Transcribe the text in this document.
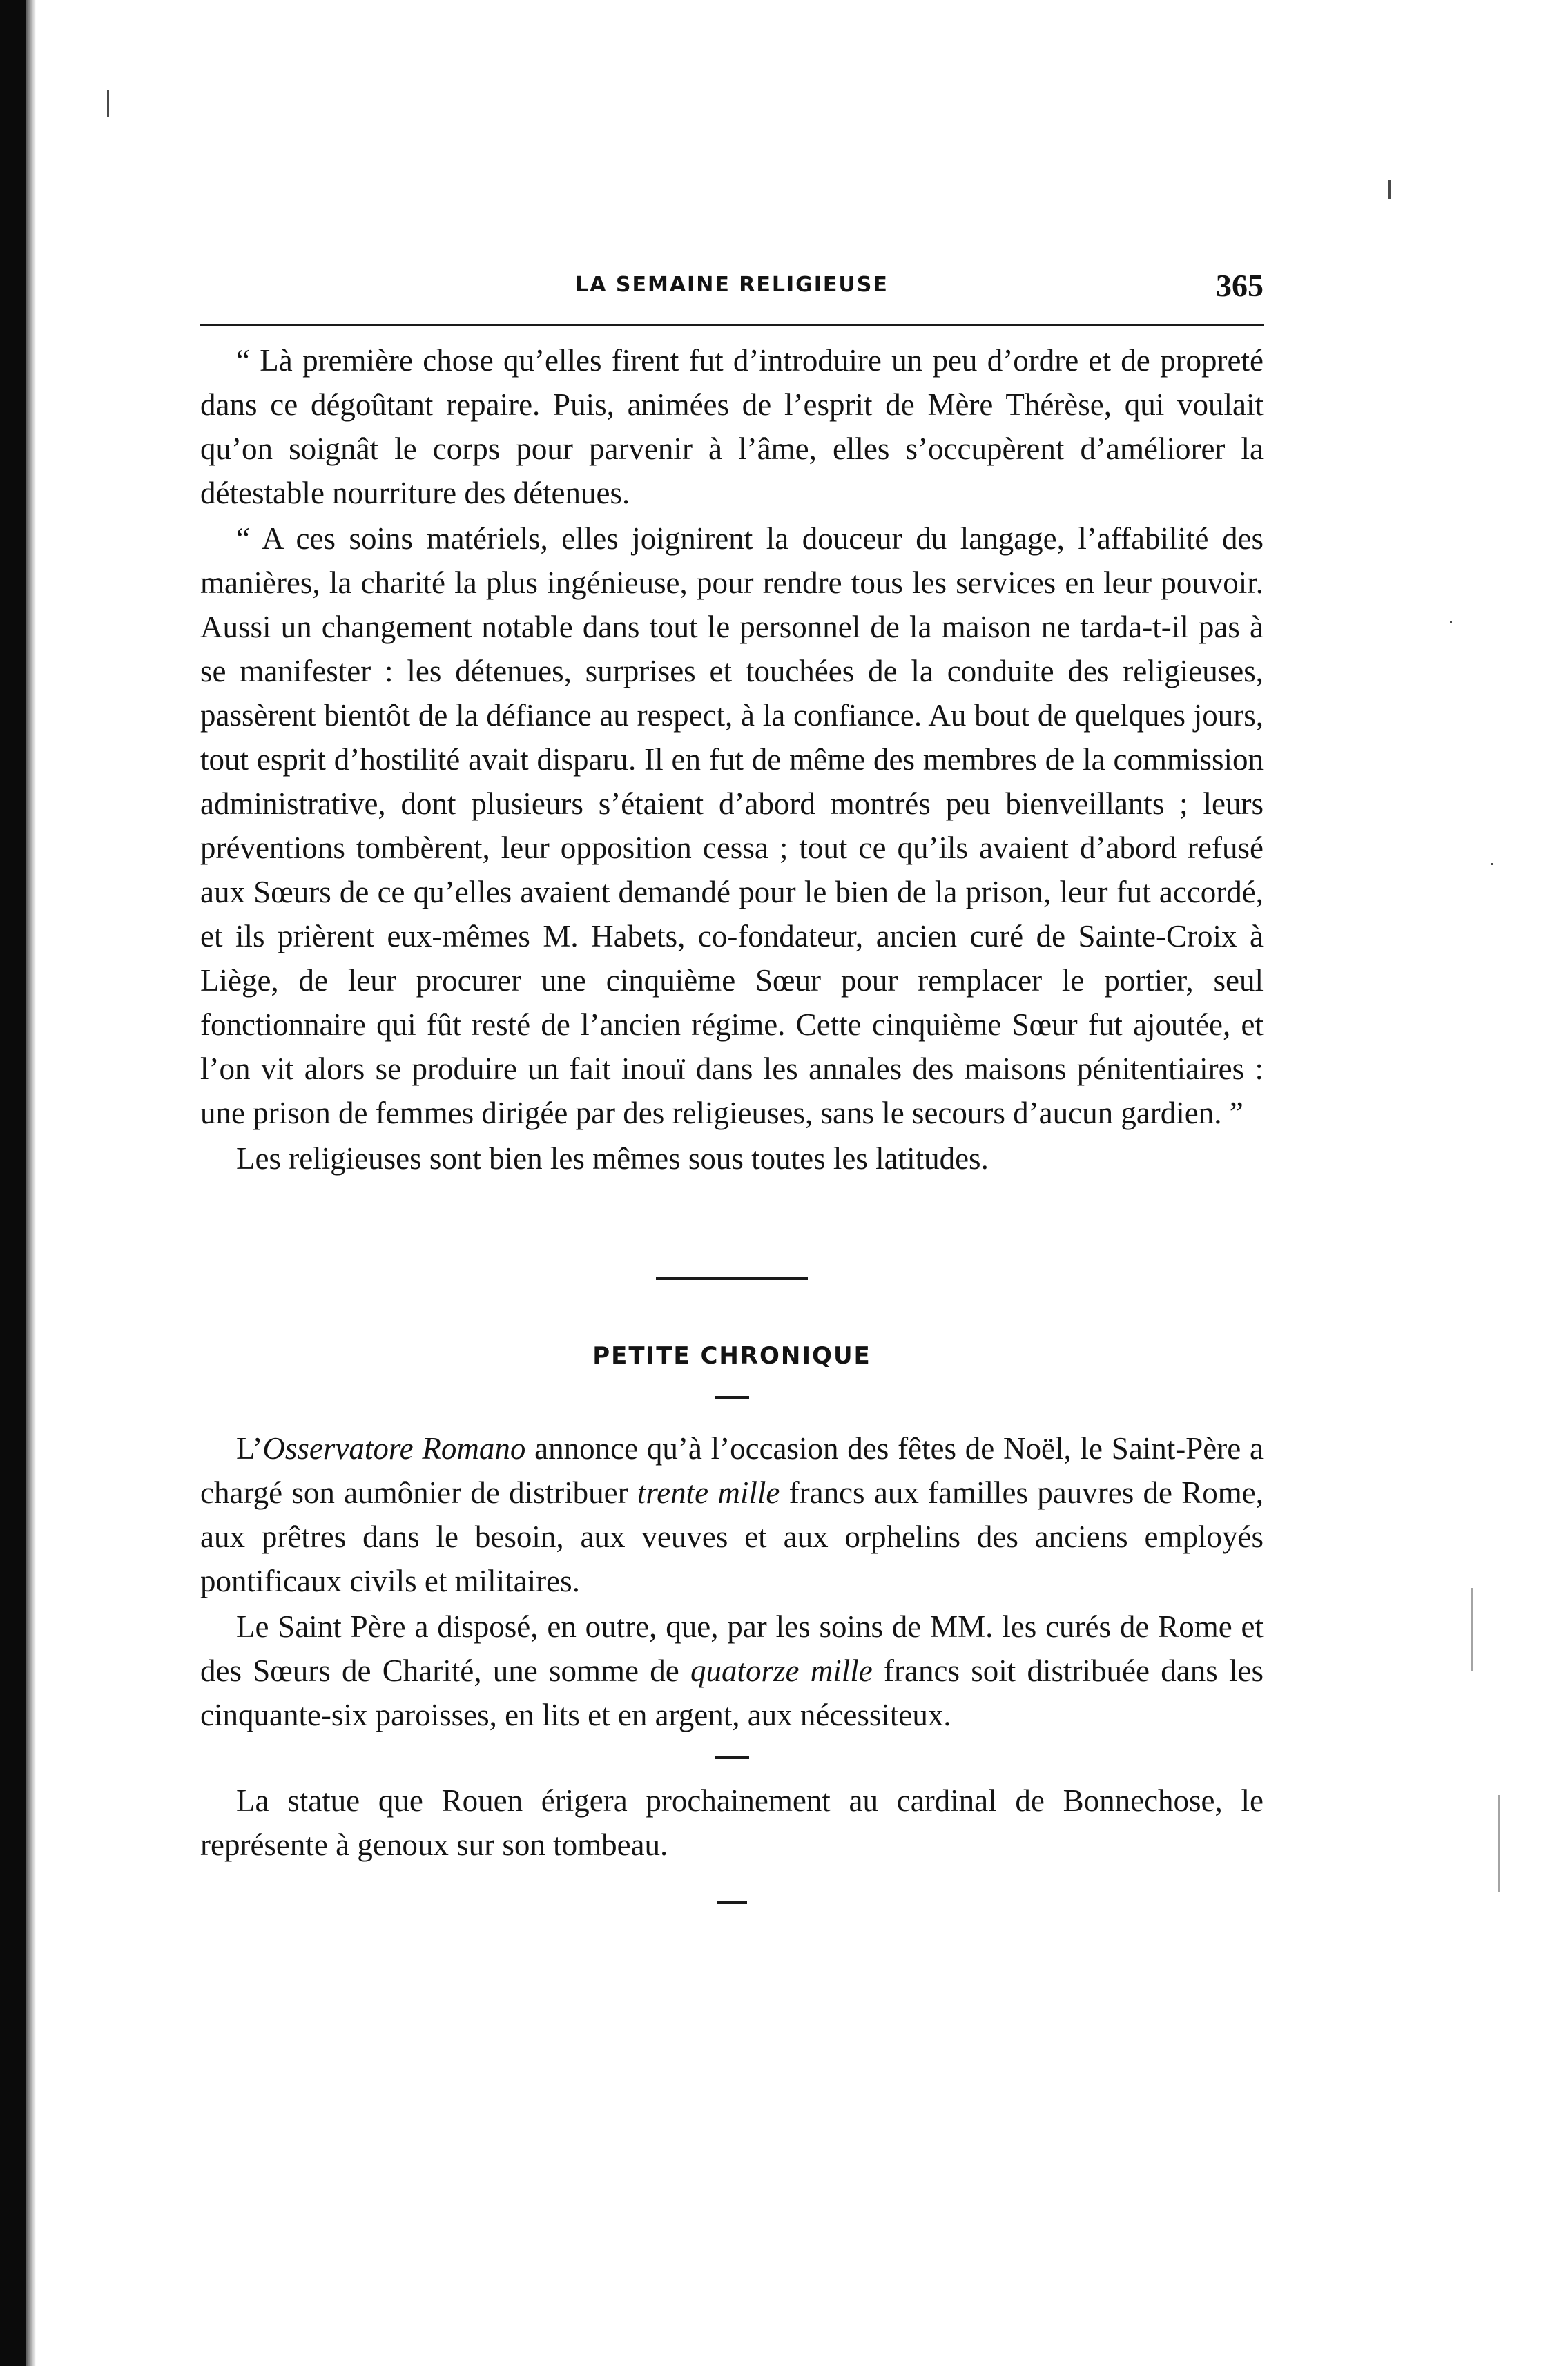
LA SEMAINE RELIGIEUSE	365

“ Là première chose qu’elles firent fut d’introduire un peu d’ordre et de propreté dans ce dégoûtant repaire. Puis, animées de l’esprit de Mère Thérèse, qui voulait qu’on soignât le corps pour parvenir à l’âme, elles s’occupèrent d’améliorer la détestable nourriture des détenues.

“ A ces soins matériels, elles joignirent la douceur du langage, l’affabilité des manières, la charité la plus ingénieuse, pour rendre tous les services en leur pouvoir. Aussi un changement notable dans tout le personnel de la maison ne tarda-t-il pas à se manifester : les détenues, surprises et touchées de la conduite des religieuses, passèrent bientôt de la défiance au respect, à la confiance. Au bout de quelques jours, tout esprit d’hostilité avait disparu. Il en fut de même des membres de la commission administrative, dont plusieurs s’étaient d’abord montrés peu bienveillants ; leurs préventions tombèrent, leur opposition cessa ; tout ce qu’ils avaient d’abord refusé aux Sœurs de ce qu’elles avaient demandé pour le bien de la prison, leur fut accordé, et ils prièrent eux-mêmes M. Habets, co-fondateur, ancien curé de Sainte-Croix à Liège, de leur procurer une cinquième Sœur pour remplacer le portier, seul fonctionnaire qui fût resté de l’ancien régime. Cette cinquième Sœur fut ajoutée, et l’on vit alors se produire un fait inouï dans les annales des maisons pénitentiaires : une prison de femmes dirigée par des religieuses, sans le secours d’aucun gardien. ”

Les religieuses sont bien les mêmes sous toutes les latitudes.

PETITE CHRONIQUE

L’Osservatore Romano annonce qu’à l’occasion des fêtes de Noël, le Saint-Père a chargé son aumônier de distribuer trente mille francs aux familles pauvres de Rome, aux prêtres dans le besoin, aux veuves et aux orphelins des anciens employés pontificaux civils et militaires.

Le Saint Père a disposé, en outre, que, par les soins de MM. les curés de Rome et des Sœurs de Charité, une somme de quatorze mille francs soit distribuée dans les cinquante-six paroisses, en lits et en argent, aux nécessiteux.

La statue que Rouen érigera prochainement au cardinal de Bonnechose, le représente à genoux sur son tombeau.
